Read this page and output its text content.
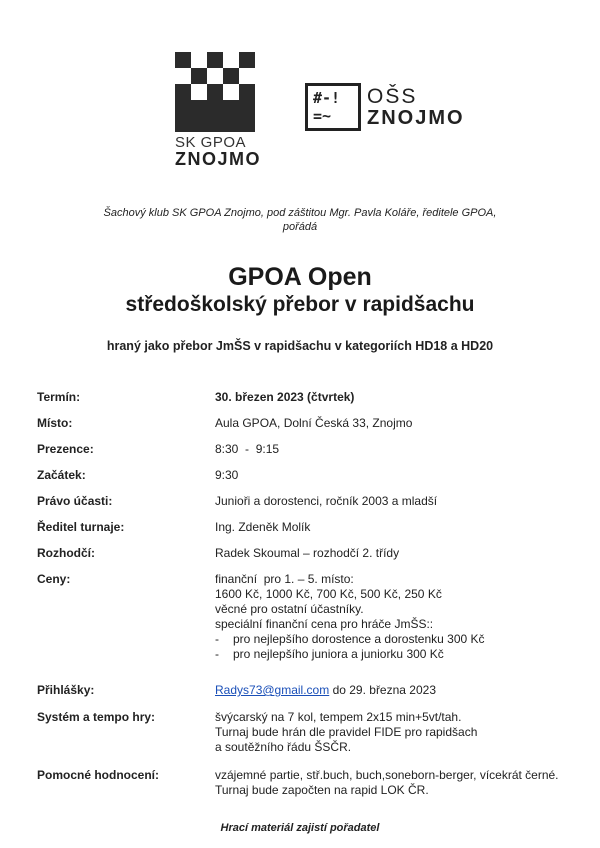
SK GPOA
ZNOJMO
#-!
=~
OŠS
ZNOJMO
Šachový klub SK GPOA Znojmo, pod záštitou Mgr. Pavla Koláře, ředitele GPOA,
pořádá
GPOA Open
středoškolský přebor v rapidšachu
hraný jako přebor JmŠS v rapidšachu v kategoriích HD18 a HD20
Termín:	30. březen 2023 (čtvrtek)
Místo:	Aula GPOA, Dolní Česká 33, Znojmo
Prezence:	8:30  -  9:15
Začátek:	9:30
Právo účasti:	Junioři a dorostenci, ročník 2003 a mladší
Ředitel turnaje:	Ing. Zdeněk Molík
Rozhodčí:	Radek Skoumal – rozhodčí 2. třídy
Ceny:	finanční  pro 1. – 5. místo:
1600 Kč, 1000 Kč, 700 Kč, 500 Kč, 250 Kč
věcné pro ostatní účastníky.
speciální finanční cena pro hráče JmŠS::
- pro nejlepšího dorostence a dorostenku 300 Kč
- pro nejlepšího juniora a juniorku 300 Kč
Přihlášky:	Radys73@gmail.com do 29. března 2023
Systém a tempo hry:	švýcarský na 7 kol, tempem 2x15 min+5vt/tah.
Turnaj bude hrán dle pravidel FIDE pro rapidšach
a soutěžního řádu ŠSČR.
Pomocné hodnocení:	vzájemné partie, stř.buch, buch,soneborn-berger, vícekrát černé.
Turnaj bude započten na rapid LOK ČR.
Hrací materiál zajistí pořadatel
